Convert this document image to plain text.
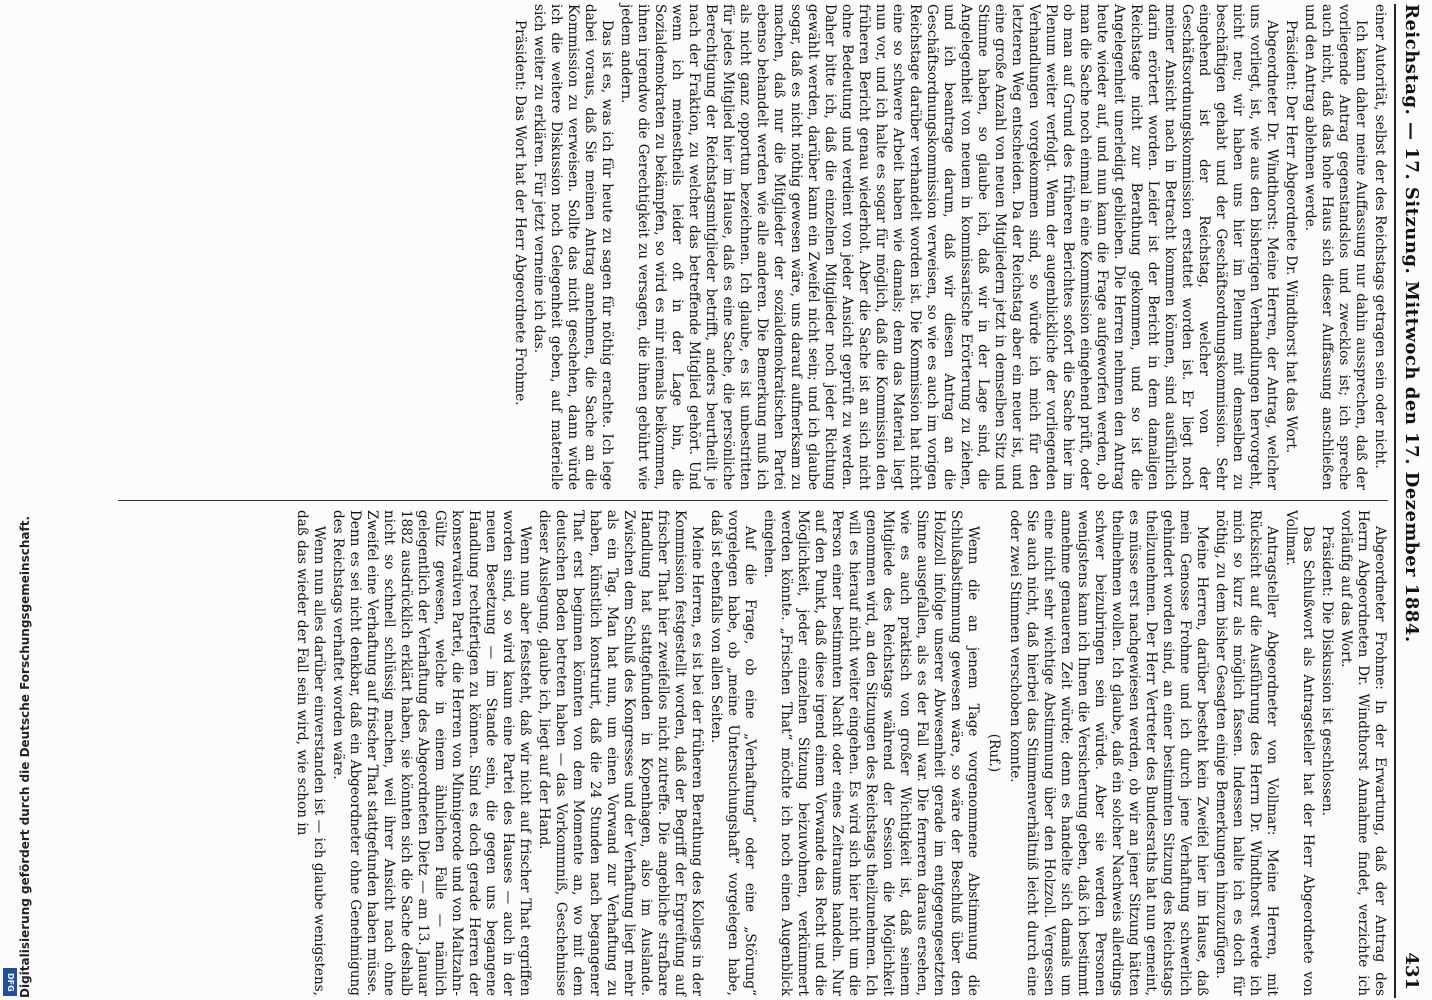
Reichstag. — 17. Sitzung. Mittwoch den 17. Dezember 1884.
431

einer Autorität, selbst der des Reichstags getragen sein oder nicht.

Ich kann daher meine Auffassung nur dahin aussprechen, daß der vorliegende Antrag gegenstandslos und zwecklos ist; ich spreche auch nicht, daß das hohe Haus sich dieser Auffassung anschließen und den Antrag ablehnen werde.

Präsident: Der Herr Abgeordnete Dr. Windthorst hat das Wort.

Abgeordneter Dr. Windthorst: Meine Herren, der Antrag, welcher uns vorliegt, ist, wie aus den bisherigen Verhandlungen hervorgeht, nicht neu; wir haben uns hier im Plenum mit demselben zu beschäftigen gehabt und der Geschäftsordnungskommission. Sehr eingehend ist der Reichstag, welcher von der Geschäftsordnungskommission erstattet worden ist. Er liegt noch meiner Ansicht nach in Betracht kommen können, sind ausführlich darin erörtert worden. Leider ist der Bericht in dem damaligen Reichstage nicht zur Berathung gekommen, und so ist die Angelegenheit unerledigt geblieben. Die Herren nehmen den Antrag heute wieder auf, und nun kann die Frage aufgeworfen werden, ob man die Sache noch einmal in eine Kommission eingehend prüft, oder ob man auf Grund des früheren Berichtes sofort die Sache hier im Plenum weiter verfolgt. Wenn der augenblickliche der vorliegenden Verhandlungen vorgekommen sind, so würde ich mich für den letzteren Weg entscheiden. Da der Reichstag aber ein neuer ist, und eine große Anzahl von neuen Mitgliedern jetzt in demselben Sitz und Stimme haben, so glaube ich, daß wir in der Lage sind, die Angelegenheit von neuem in kommissarische Erörterung zu ziehen, und ich beantrage darum, daß wir diesen Antrag an die Geschäftsordnungskommission verweisen, so wie es auch im vorigen Reichstage darüber verhandelt worden ist. Die Kommission hat nicht eine so schwere Arbeit haben wie damals; denn das Material liegt nun vor, und ich halte es sogar für möglich, daß die Kommission den früheren Bericht genau wiederholt. Aber die Sache ist an sich nicht ohne Bedeutung und verdient von jeder Ansicht geprüft zu werden. Daher bitte ich, daß die einzelnen Mitglieder noch jeder Richtung gewählt werden, darüber kann ein Zweifel nicht sein; und ich glaube sogar, daß es nicht nöthig gewesen wäre, uns darauf aufmerksam zu machen, daß nur die Mitglieder der sozialdemokratischen Partei ebenso behandelt werden wie alle anderen. Die Bemerkung muß ich als nicht ganz opportun bezeichnen. Ich glaube, es ist unbestritten für jedes Mitglied hier im Hause, daß es eine Sache, die persönliche Berechtigung der Reichstagsmitglieder betrifft, anders beurtheilt je nach der Fraktion, zu welcher das betreffende Mitglied gehört. Und wenn ich meinestheils leider oft in der Lage bin, die Sozialdemokraten zu bekämpfen, so wird es mir niemals beikommen, ihnen irgendwo die Gerechtigkeit zu versagen, die ihnen gebührt wie jedem andern.

Das ist es, was ich für heute zu sagen für nöthig erachte. Ich lege dabei voraus, daß Sie meinen Antrag annehmen, die Sache an die Kommission zu verweisen. Sollte das nicht geschehen, dann würde ich die weitere Diskussion noch Gelegenheit geben, auf materielle sich weiter zu erklären. Für jetzt verneine ich das.

Präsident: Das Wort hat der Herr Abgeordnete Frohme.

Abgeordneter Frohme: In der Erwartung, daß der Antrag des Herrn Abgeordneten Dr. Windthorst Annahme findet, verzichte ich vorläufig auf das Wort.

Präsident: Die Diskussion ist geschlossen.

Das Schlußwort als Antragsteller hat der Herr Abgeordnete von Vollmar.

Antragsteller Abgeordneter von Vollmar: Meine Herren, mit Rücksicht auf die Ausführung des Herrn Dr. Windthorst werde ich mich so kurz als möglich fassen. Indessen halte ich es doch für nöthig, zu dem bisher Gesagten einige Bemerkungen hinzuzufügen.

Meine Herren, darüber besteht kein Zweifel hier im Hause, daß mein Genosse Frohme und ich durch jene Verhaftung schwerlich gehindert worden sind, an einer bestimmten Sitzung des Reichstags theilzunehmen. Der Herr Vertreter des Bundesraths hat nun gemeint, es müsse erst nachgewiesen werden, ob wir an jener Sitzung hätten theilnehmen wollen. Ich glaube, daß ein solcher Nachweis allerdings schwer beizubringen sein würde. Aber sie werden Personen wenigstens kann ich Ihnen die Versicherung geben, daß ich bestimmt annehme genaueren Zeit würde; denn es handelte sich damals um eine nicht sehr wichtige Abstimmung über den Holzzoll. Vergessen Sie auch nicht, daß hierbei das Stimmenverhältniß leicht durch eine oder zwei Stimmen verschoben konnte.

(Ruf.)

Wenn die an jenem Tage vorgenommene Abstimmung die Schlußabstimmung gewesen wäre, so wäre der Beschluß über den Holzzoll infolge unserer Abwesenheit gerade im entgegengesetzten Sinne ausgefallen, als es der Fall war. Die ferneren daraus ersehen, wie es auch praktisch von großer Wichtigkeit ist, daß seinem Mitgliede des Reichstags während der Session die Möglichkeit genommen wird, an den Sitzungen des Reichstags theilzunehmen. Ich will es hierauf nicht weiter eingehen. Es wird sich hier nicht um die Person einer bestimmten Nacht oder eines Zeitraums handeln. Nur auf den Punkt, daß diese irgend einem Vorwande das Recht und die Möglichkeit, jeder einzelnen Sitzung beizuwohnen, verkümmert werden könnte. „Frischen That“ möchte ich noch einen Augenblick eingehen.

Auf die Frage, ob eine „Verhaftung“ oder eine „Störung“ vorgelegen habe, ob „meine Untersuchungshaft“ vorgelegen habe, daß ist ebenfalls von allen Seiten.

Meine Herren, es ist bei der früheren Berathung des Kollegs in der Kommission festgestellt worden, daß der Begriff der Ergreifung auf frischer That hier zweifellos nicht zutreffe. Die angebliche strafbare Handlung hat stattgefunden in Kopenhagen, also im Auslande. Zwischen dem Schluß des Kongresses und der Verhaftung liegt mehr als ein Tag. Man hat nun, um einen Vorwand zur Verhaftung zu haben, künstlich konstruirt, daß die 24 Stunden nach begangener That erst beginnen könnten von dem Momente an, wo mit dem deutschen Boden betreten haben — das Vorkommniß, Geschehnisse dieser Auslegung, glaube ich, liegt auf der Hand.

Wenn nun aber feststeht, daß wir nicht auf frischer That ergriffen worden sind, so wird kaum eine Partei des Hauses — auch in der neuen Besetzung — im Stande sein, die gegen uns begangene Handlung rechtfertigen zu können. Sind es doch gerade Herren der konservativen Partei, die Herren von Minnigerode und von Maltzahn-Gültz gewesen, welche in einem ähnlichen Falle — nämlich gelegentlich der Verhaftung des Abgeordneten Dietz — am 13. Januar 1882 ausdrücklich erklärt haben, sie könnten sich die Sache deshalb nicht so schnell schlüssig machen, weil ihrer Ansicht nach ohne Zweifel eine Verhaftung auf frischer That stattgefunden haben müsse. Denn es sei nicht denkbar, daß ein Abgeordneter ohne Genehmigung des Reichstags verhaftet worden wäre.

Wenn nun alles darüber einverstanden ist — ich glaube wenigstens, daß das wieder der Fall sein wird, wie schon in

Digitalisierung gefördert durch die Deutsche Forschungsgemeinschaft.
DFG
